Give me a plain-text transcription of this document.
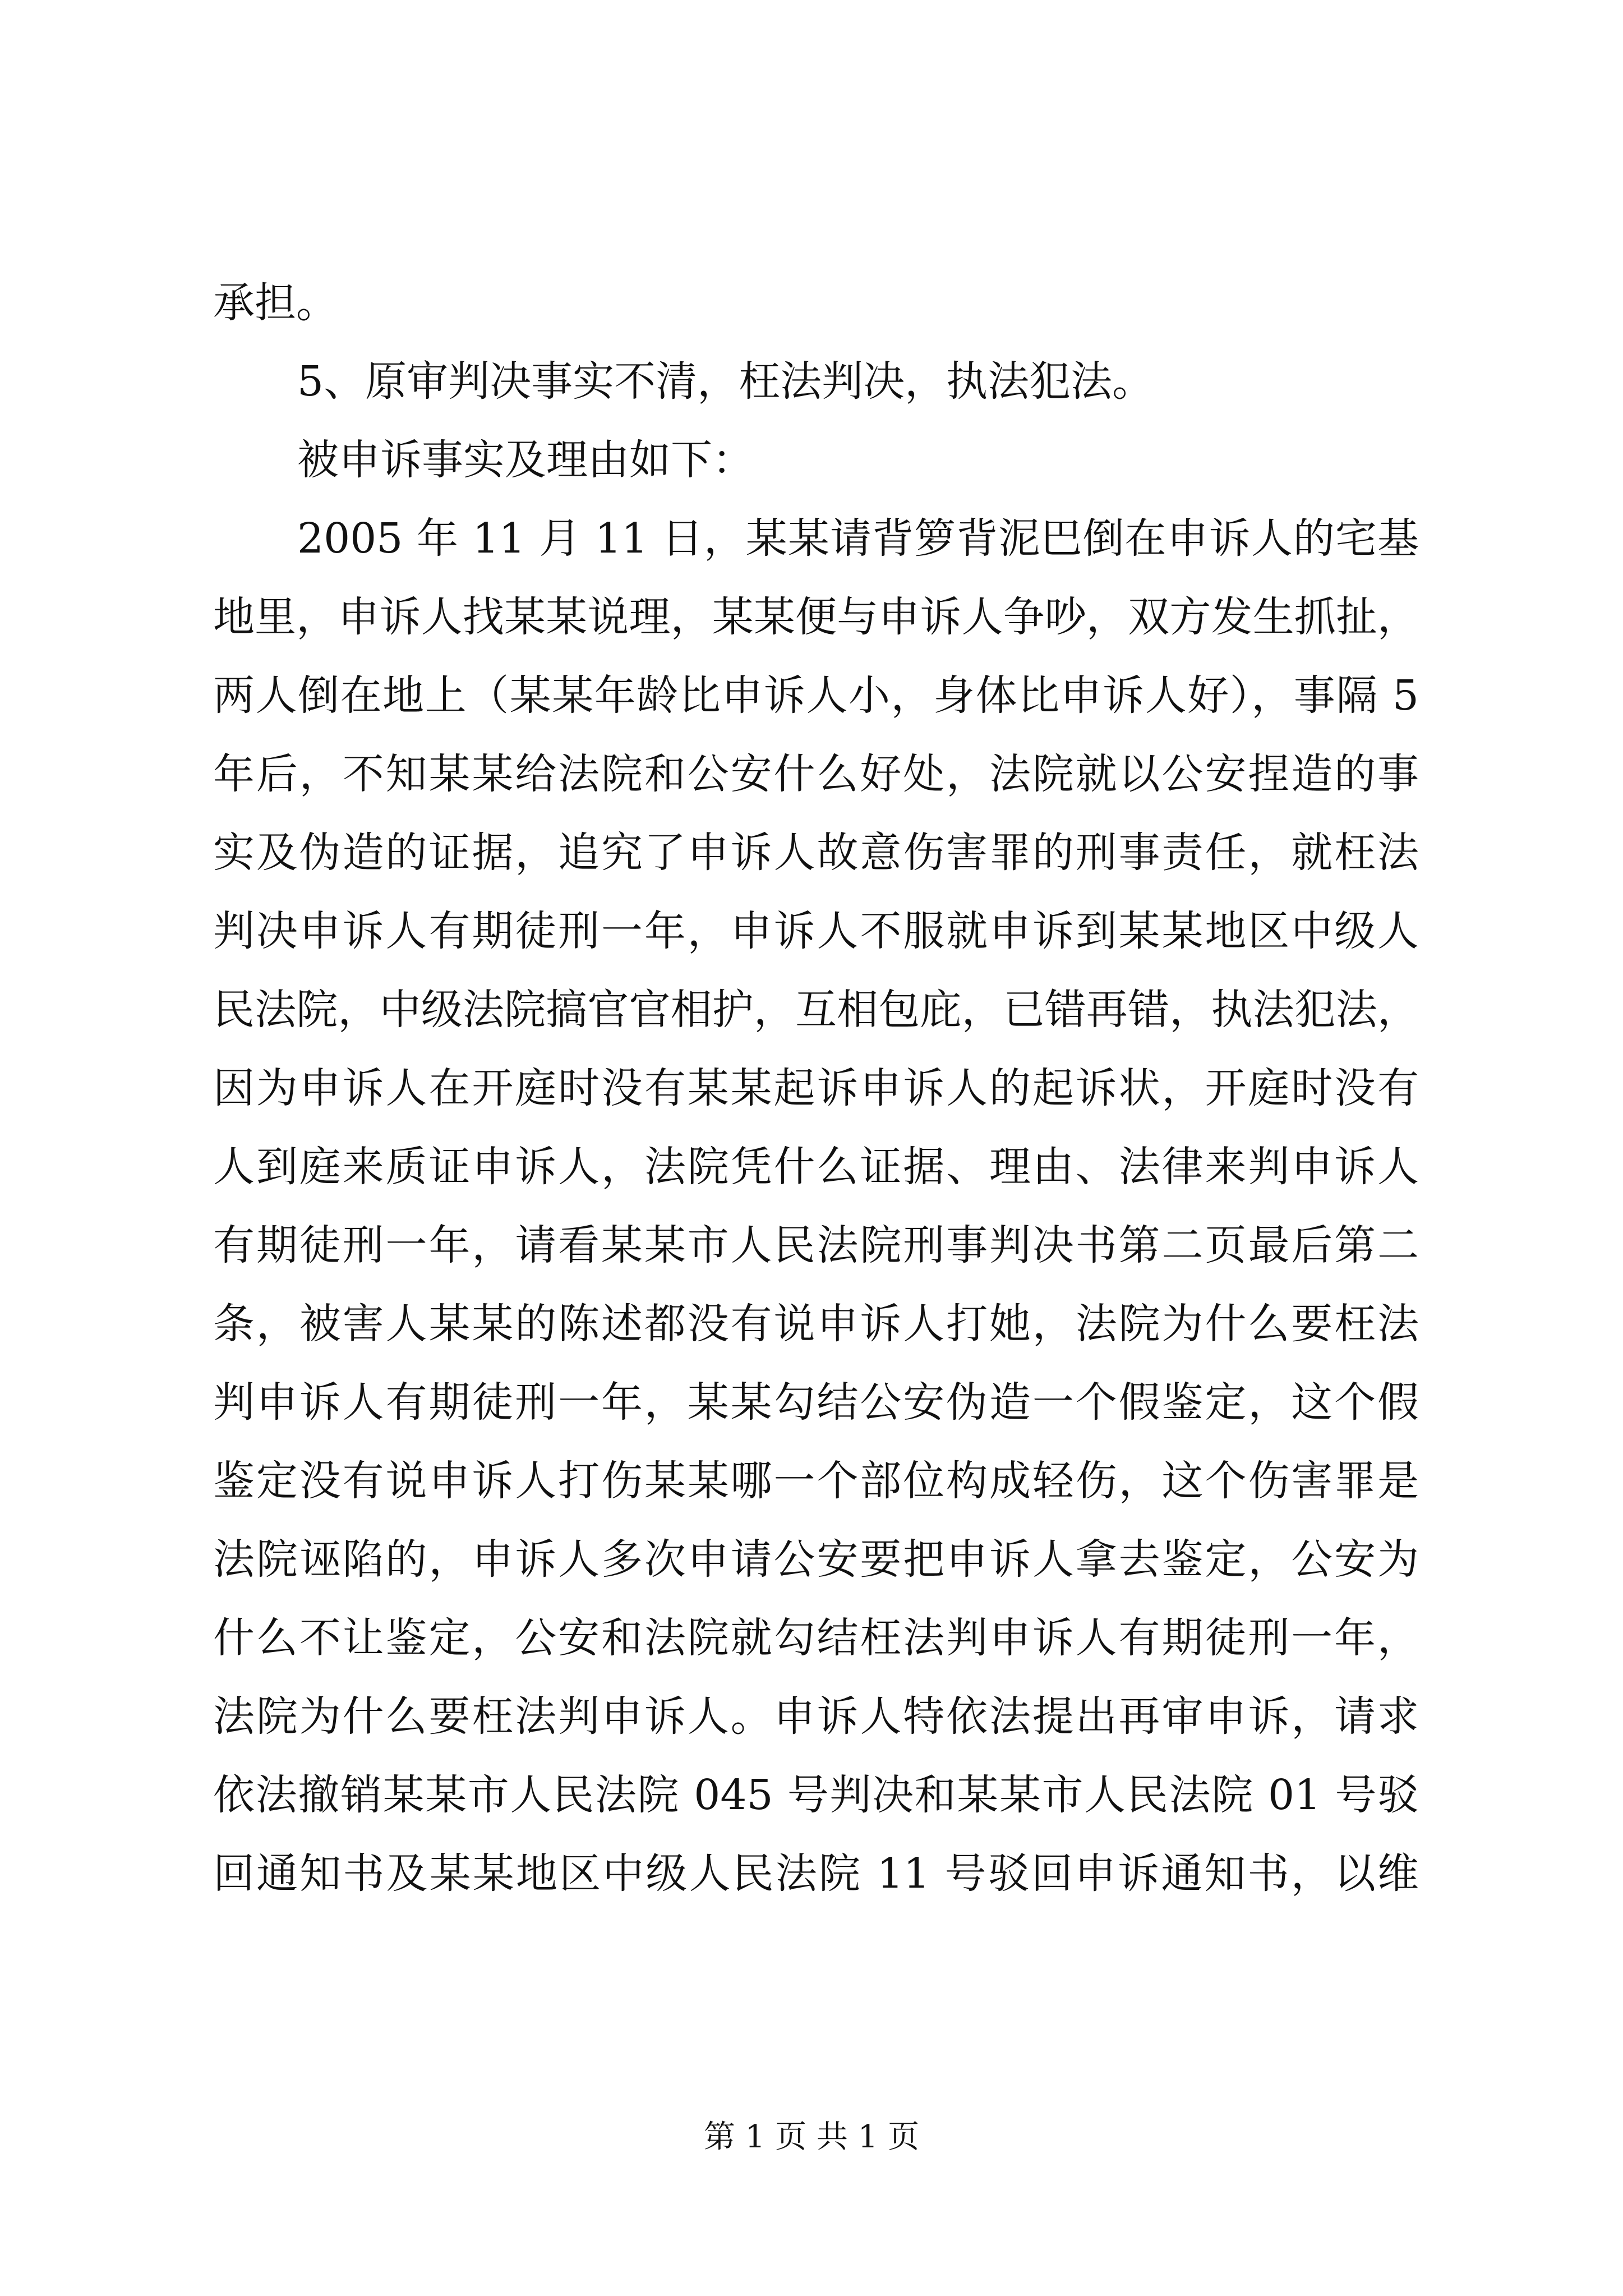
承担。
5、原审判决事实不清，枉法判决，执法犯法。
被申诉事实及理由如下：
2005 年 11 月 11 日，某某请背箩背泥巴倒在申诉人的宅基
地里，申诉人找某某说理，某某便与申诉人争吵，双方发生抓扯，
两人倒在地上（某某年龄比申诉人小，身体比申诉人好），事隔 5
年后，不知某某给法院和公安什么好处，法院就以公安捏造的事
实及伪造的证据，追究了申诉人故意伤害罪的刑事责任，就枉法
判决申诉人有期徒刑一年，申诉人不服就申诉到某某地区中级人
民法院，中级法院搞官官相护，互相包庇，已错再错，执法犯法，
因为申诉人在开庭时没有某某起诉申诉人的起诉状，开庭时没有
人到庭来质证申诉人，法院凭什么证据、理由、法律来判申诉人
有期徒刑一年，请看某某市人民法院刑事判决书第二页最后第二
条，被害人某某的陈述都没有说申诉人打她，法院为什么要枉法
判申诉人有期徒刑一年，某某勾结公安伪造一个假鉴定，这个假
鉴定没有说申诉人打伤某某哪一个部位构成轻伤，这个伤害罪是
法院诬陷的，申诉人多次申请公安要把申诉人拿去鉴定，公安为
什么不让鉴定，公安和法院就勾结枉法判申诉人有期徒刑一年，
法院为什么要枉法判申诉人。申诉人特依法提出再审申诉，请求
依法撤销某某市人民法院 045 号判决和某某市人民法院 01 号驳
回通知书及某某地区中级人民法院 11 号驳回申诉通知书，以维
第 1 页 共 1 页
